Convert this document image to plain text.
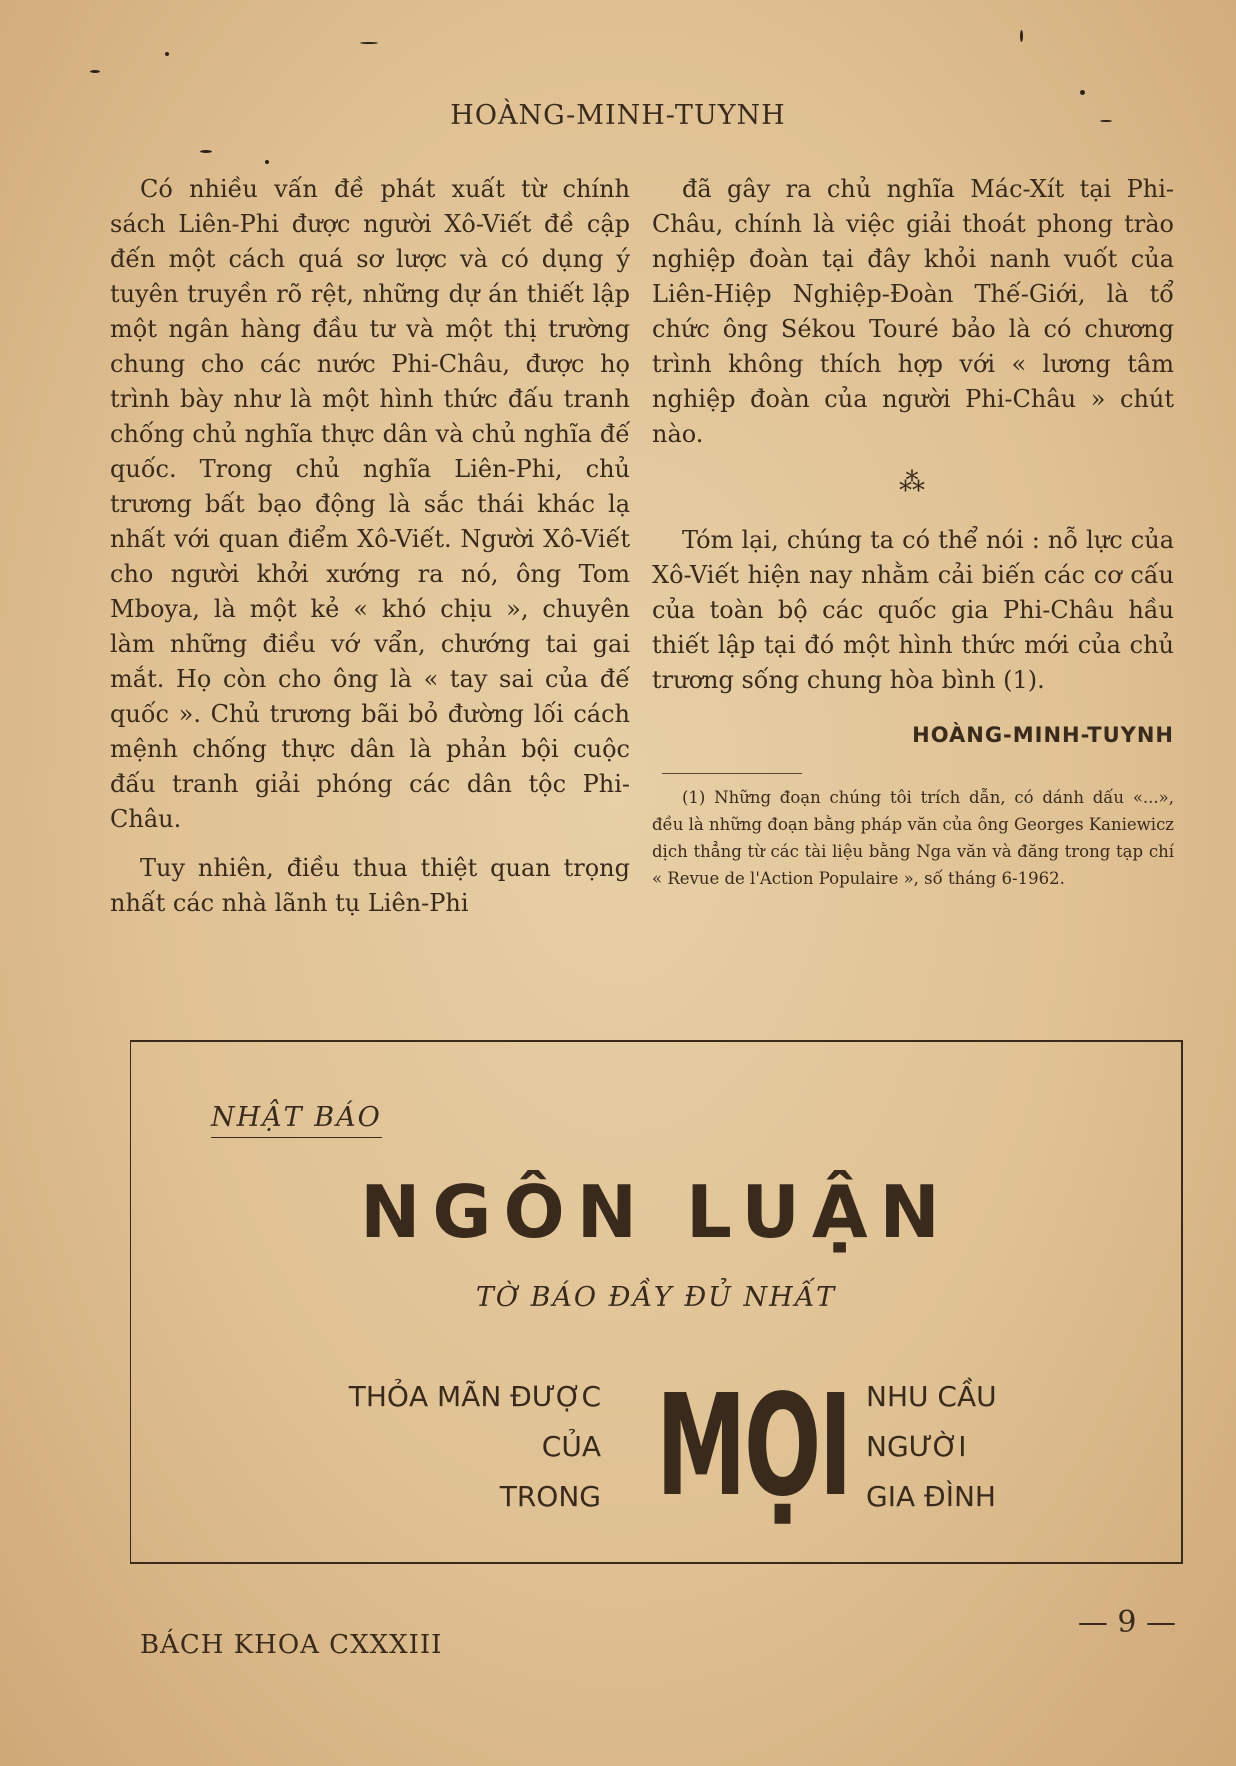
HOÀNG-MINH-TUYNH

Có nhiều vấn đề phát xuất từ chính sách Liên-Phi được người Xô-Viết đề cập đến một cách quá sơ lược và có dụng ý tuyên truyền rõ rệt, những dự án thiết lập một ngân hàng đầu tư và một thị trường chung cho các nước Phi-Châu, được họ trình bày như là một hình thức đấu tranh chống chủ nghĩa thực dân và chủ nghĩa đế quốc. Trong chủ nghĩa Liên-Phi, chủ trương bất bạo động là sắc thái khác lạ nhất với quan điểm Xô-Viết. Người Xô-Viết cho người khởi xướng ra nó, ông Tom Mboya, là một kẻ « khó chịu », chuyên làm những điều vớ vẩn, chướng tai gai mắt. Họ còn cho ông là « tay sai của đế quốc ». Chủ trương bãi bỏ đường lối cách mệnh chống thực dân là phản bội cuộc đấu tranh giải phóng các dân tộc Phi-Châu.

Tuy nhiên, điều thua thiệt quan trọng nhất các nhà lãnh tụ Liên-Phi

đã gây ra chủ nghĩa Mác-Xít tại Phi-Châu, chính là việc giải thoát phong trào nghiệp đoàn tại đây khỏi nanh vuốt của Liên-Hiệp Nghiệp-Đoàn Thế-Giới, là tổ chức ông Sékou Touré bảo là có chương trình không thích hợp với « lương tâm nghiệp đoàn của người Phi-Châu » chút nào.

⁂

Tóm lại, chúng ta có thể nói : nỗ lực của Xô-Viết hiện nay nhằm cải biến các cơ cấu của toàn bộ các quốc gia Phi-Châu hầu thiết lập tại đó một hình thức mới của chủ trương sống chung hòa bình (1).

HOÀNG-MINH-TUYNH

(1) Những đoạn chúng tôi trích dẫn, có dánh dấu «...», đều là những đoạn bằng pháp văn của ông Georges Kaniewicz dịch thẳng từ các tài liệu bằng Nga văn và đăng trong tạp chí « Revue de l'Action Populaire », số tháng 6-1962.

NHẬT BÁO
NGÔN LUẬN
TỜ BÁO ĐẦY ĐỦ NHẤT
THỎA MÃN ĐƯỢC
CỦA
TRONG MỌI NHU CẦU
NGƯỜI
GIA ĐÌNH
BÁCH KHOA CXXXIII
— 9 —
